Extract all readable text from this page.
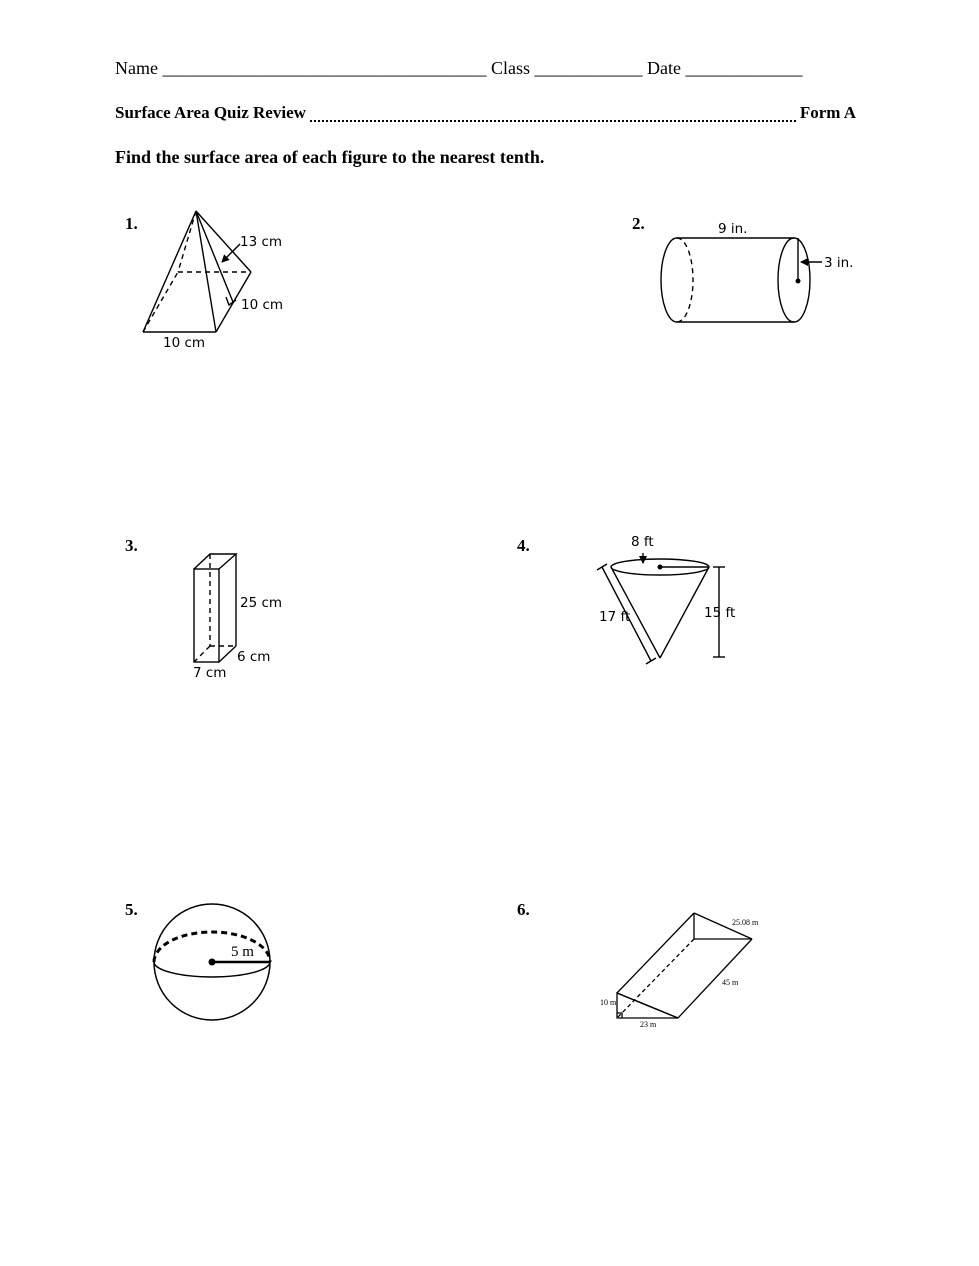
Name ____________________________________ Class ____________ Date _____________
Surface Area Quiz Review	Form A
Find the surface area of each figure to the nearest tenth.
1.	2.
3.	4.
5.	6.
13 cm
10 cm
10 cm
9 in.
3 in.
25 cm
6 cm
7 cm
8 ft
17 ft	15 ft
5 m
25.08 m
45 m
10 m
23 m
